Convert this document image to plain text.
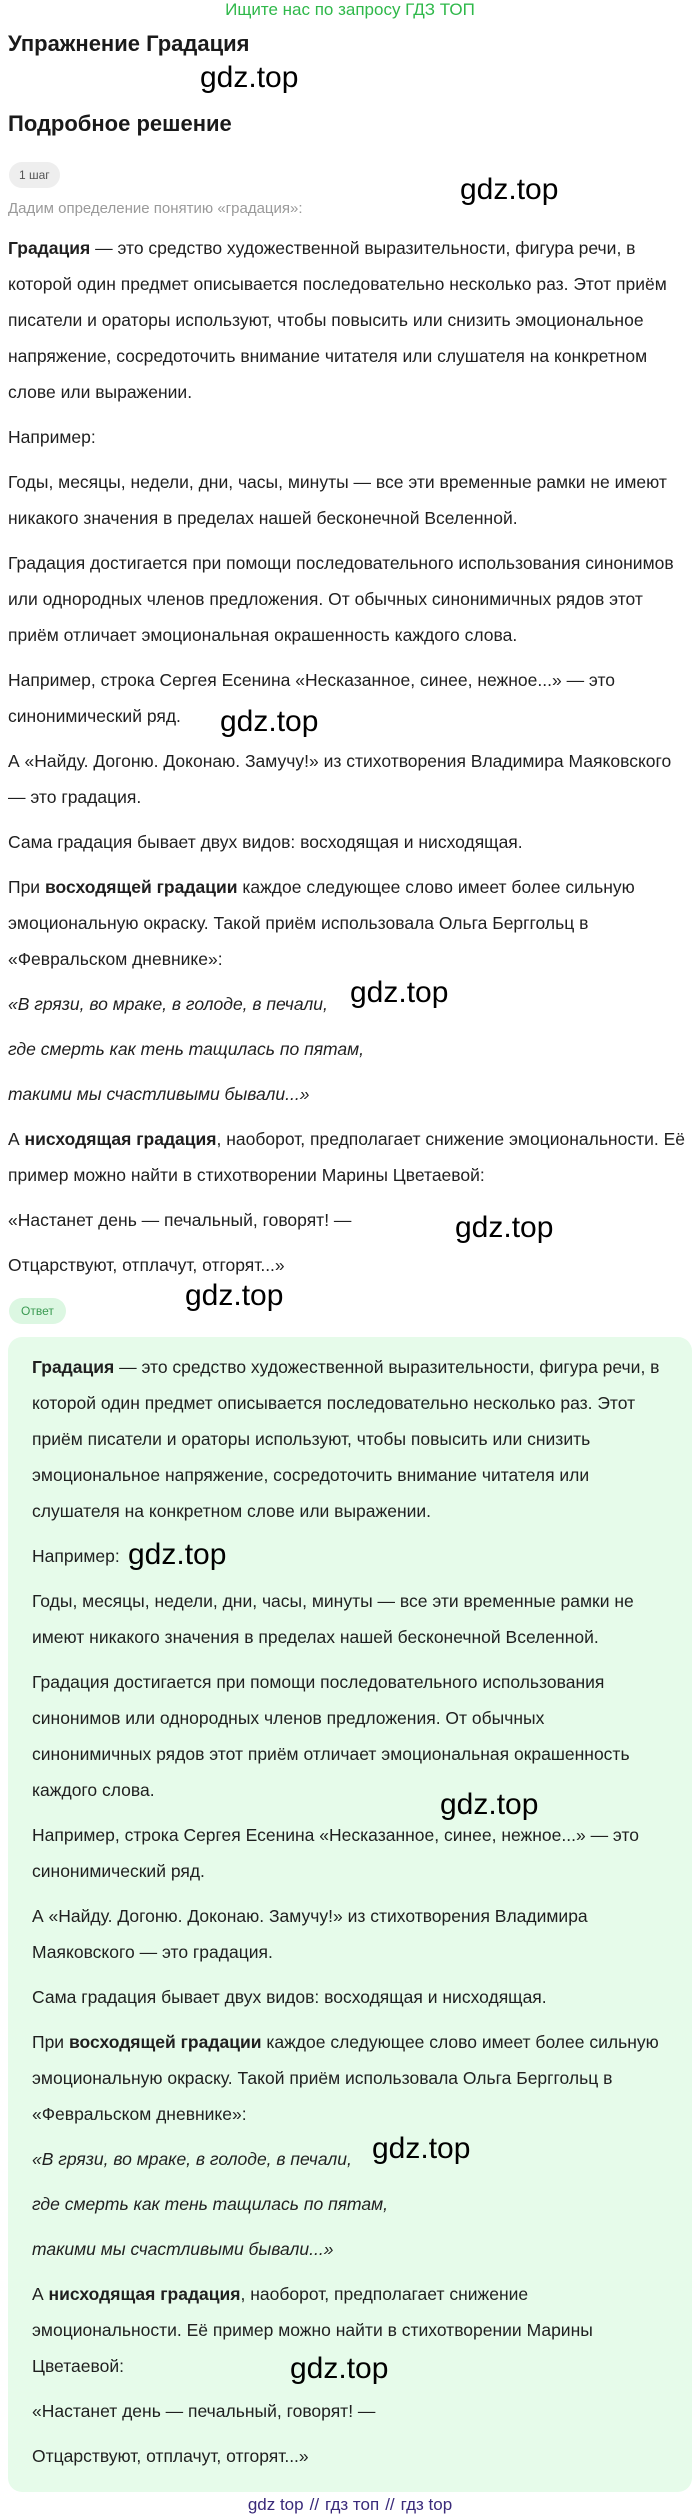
Ищите нас по запросу ГДЗ ТОП
Упражнение Градация
Подробное решение
1 шаг
Дадим определение понятию «градация»:

Градация — это средство художественной выразительности, фигура речи, в которой один предмет описывается последовательно несколько раз. Этот приём писатели и ораторы используют, чтобы повысить или снизить эмоциональное напряжение, сосредоточить внимание читателя или слушателя на конкретном слове или выражении.

Например:

Годы, месяцы, недели, дни, часы, минуты — все эти временные рамки не имеют никакого значения в пределах нашей бесконечной Вселенной.

Градация достигается при помощи последовательного использования синонимов или однородных членов предложения. От обычных синонимичных рядов этот приём отличает эмоциональная окрашенность каждого слова.

Например, строка Сергея Есенина «Несказанное, синее, нежное...» — это синонимический ряд.

А «Найду. Догоню. Доконаю. Замучу!» из стихотворения Владимира Маяковского — это градация.

Сама градация бывает двух видов: восходящая и нисходящая.

При восходящей градации каждое следующее слово имеет более сильную эмоциональную окраску. Такой приём использовала Ольга Берггольц в «Февральском дневнике»:

«В грязи, во мраке, в голоде, в печали,

где смерть как тень тащилась по пятам,

такими мы счастливыми бывали...»

А нисходящая градация, наоборот, предполагает снижение эмоциональности. Её пример можно найти в стихотворении Марины Цветаевой:

«Настанет день — печальный, говорят! —

Отцарствуют, отплачут, отгорят...»

Ответ

Градация — это средство художественной выразительности, фигура речи, в которой один предмет описывается последовательно несколько раз. Этот приём писатели и ораторы используют, чтобы повысить или снизить эмоциональное напряжение, сосредоточить внимание читателя или слушателя на конкретном слове или выражении.

Например:

Годы, месяцы, недели, дни, часы, минуты — все эти временные рамки не имеют никакого значения в пределах нашей бесконечной Вселенной.

Градация достигается при помощи последовательного использования синонимов или однородных членов предложения. От обычных синонимичных рядов этот приём отличает эмоциональная окрашенность каждого слова.

Например, строка Сергея Есенина «Несказанное, синее, нежное...» — это синонимический ряд.

А «Найду. Догоню. Доконаю. Замучу!» из стихотворения Владимира Маяковского — это градация.

Сама градация бывает двух видов: восходящая и нисходящая.

При восходящей градации каждое следующее слово имеет более сильную эмоциональную окраску. Такой приём использовала Ольга Берггольц в «Февральском дневнике»:

«В грязи, во мраке, в голоде, в печали,

где смерть как тень тащилась по пятам,

такими мы счастливыми бывали...»

А нисходящая градация, наоборот, предполагает снижение эмоциональности. Её пример можно найти в стихотворении Марины Цветаевой:

«Настанет день — печальный, говорят! —

Отцарствуют, отплачут, отгорят...»

gdz.top
gdz.top
gdz.top
gdz.top
gdz.top
gdz.top
gdz.top
gdz.top
gdz.top
gdz.top
gdz top // гдз топ // гдз top
